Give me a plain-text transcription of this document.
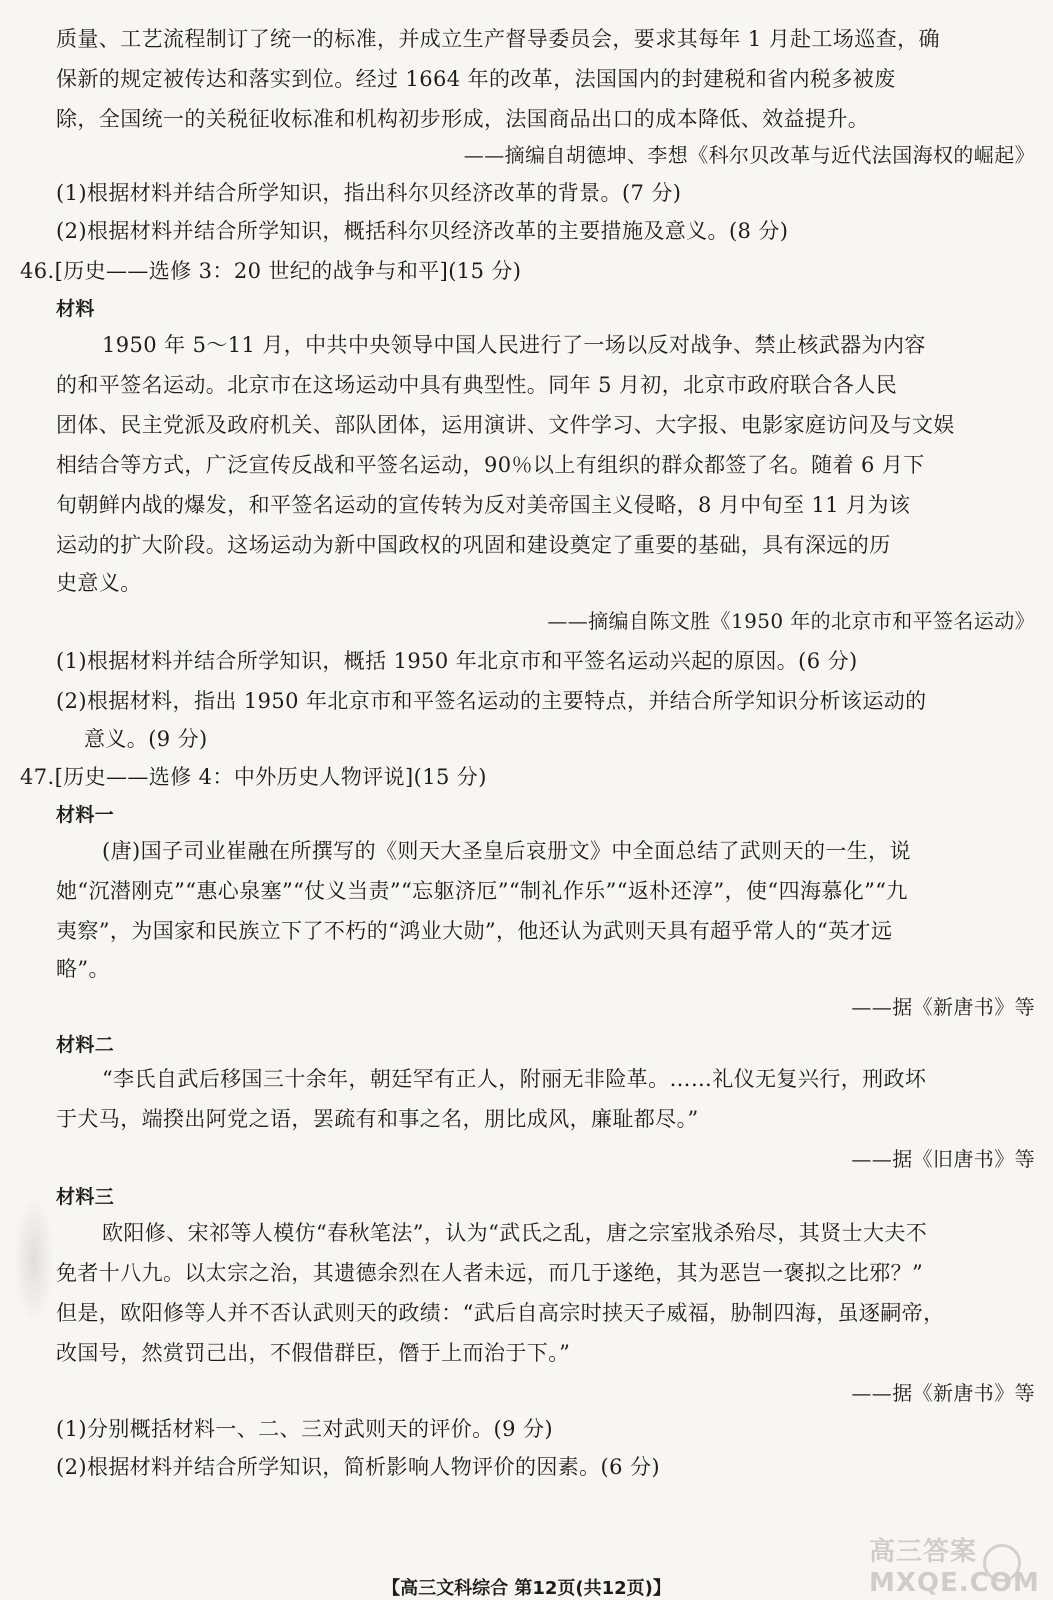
质量、工艺流程制订了统一的标准，并成立生产督导委员会，要求其每年 1 月赴工场巡查，确
保新的规定被传达和落实到位。经过 1664 年的改革，法国国内的封建税和省内税多被废
除，全国统一的关税征收标准和机构初步形成，法国商品出口的成本降低、效益提升。
——摘编自胡德坤、李想《科尔贝改革与近代法国海权的崛起》
(1)根据材料并结合所学知识，指出科尔贝经济改革的背景。(7 分)
(2)根据材料并结合所学知识，概括科尔贝经济改革的主要措施及意义。(8 分)
46.[历史——选修 3：20 世纪的战争与和平](15 分)
材料
1950 年 5～11 月，中共中央领导中国人民进行了一场以反对战争、禁止核武器为内容
的和平签名运动。北京市在这场运动中具有典型性。同年 5 月初，北京市政府联合各人民
团体、民主党派及政府机关、部队团体，运用演讲、文件学习、大字报、电影家庭访问及与文娱
相结合等方式，广泛宣传反战和平签名运动，90％以上有组织的群众都签了名。随着 6 月下
旬朝鲜内战的爆发，和平签名运动的宣传转为反对美帝国主义侵略，8 月中旬至 11 月为该
运动的扩大阶段。这场运动为新中国政权的巩固和建设奠定了重要的基础，具有深远的历
史意义。
——摘编自陈文胜《1950 年的北京市和平签名运动》
(1)根据材料并结合所学知识，概括 1950 年北京市和平签名运动兴起的原因。(6 分)
(2)根据材料，指出 1950 年北京市和平签名运动的主要特点，并结合所学知识分析该运动的
意义。(9 分)
47.[历史——选修 4：中外历史人物评说](15 分)
材料一
(唐)国子司业崔融在所撰写的《则天大圣皇后哀册文》中全面总结了武则天的一生，说
她“沉潜刚克”“惠心泉塞”“仗义当责”“忘躯济厄”“制礼作乐”“返朴还淳”，使“四海慕化”“九
夷察”，为国家和民族立下了不朽的“鸿业大勋”，他还认为武则天具有超乎常人的“英才远
略”。
——据《新唐书》等
材料二
“李氏自武后移国三十余年，朝廷罕有正人，附丽无非险革。……礼仪无复兴行，刑政坏
于犬马，端揆出阿党之语，罢疏有和事之名，朋比成风，廉耻都尽。”
——据《旧唐书》等
材料三
欧阳修、宋祁等人模仿“春秋笔法”，认为“武氏之乱，唐之宗室戕杀殆尽，其贤士大夫不
免者十八九。以太宗之治，其遗德余烈在人者未远，而几于遂绝，其为恶岂一褒拟之比邪？”
但是，欧阳修等人并不否认武则天的政绩：“武后自高宗时挟天子威福，胁制四海，虽逐嗣帝，
改国号，然赏罚己出，不假借群臣，僭于上而治于下。”
——据《新唐书》等
(1)分别概括材料一、二、三对武则天的评价。(9 分)
(2)根据材料并结合所学知识，简析影响人物评价的因素。(6 分)
【高三文科综合 第12页(共12页)】
高三答案 MXQE.COM
